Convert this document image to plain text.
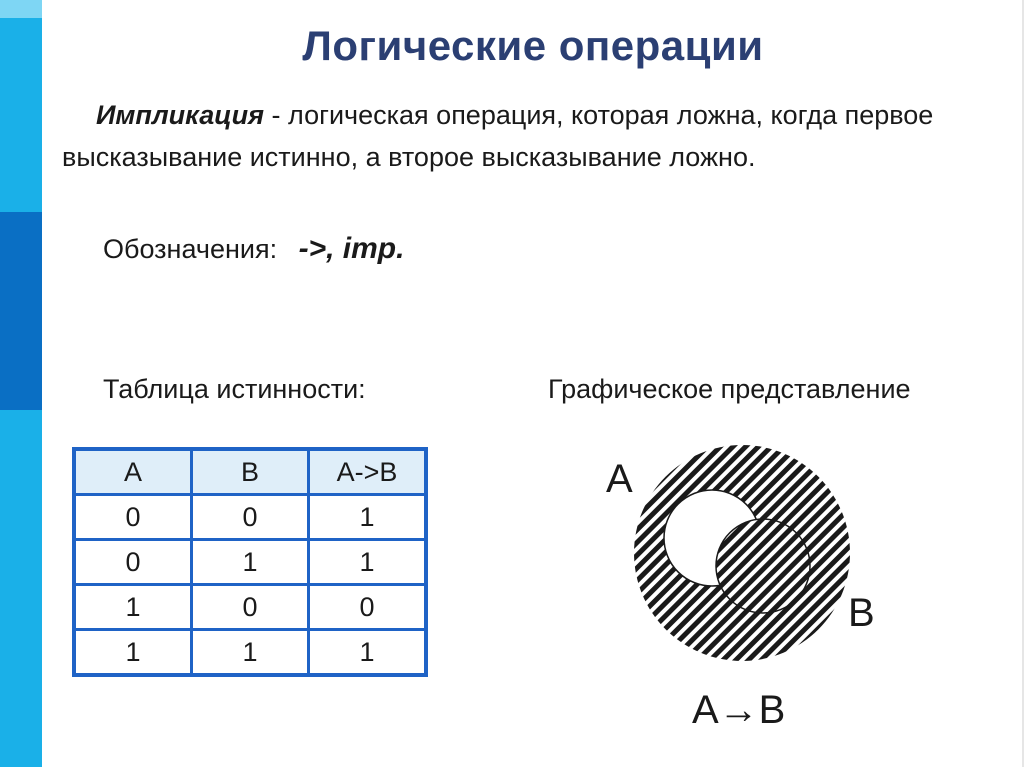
Логические операции
Импликация - логическая операция, которая ложна, когда первое высказывание истинно, а второе высказывание ложно.
Обозначения: ->, imp.
Таблица истинности:	Графическое представление
A	B	A->B
0	0	1
0	1	1
1	0	0
1	1	1
A
B
A→B
